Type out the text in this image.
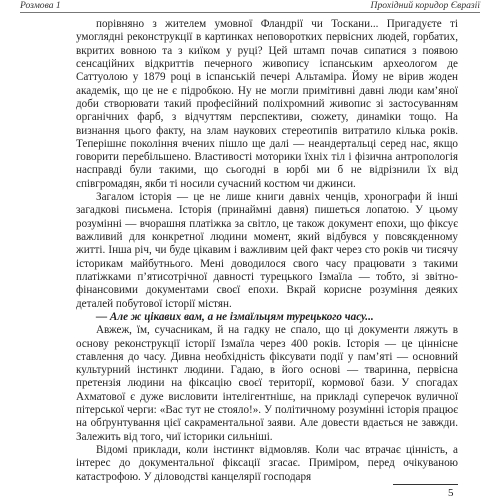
Розмова 1	Прохідний коридор Євразії

порівняно з жителем умовної Фландрії чи Тоскани... Пригадуєте ті умоглядні реконструкції в картинках неповоротких первісних людей, горбатих, вкритих вовною та з киїком у руці? Цей штамп почав сипатися з появою сенсаційних відкриттів печерного живопису іспанським археологом де Саттуолою у 1879 році в іспанській печері Альтаміра. Йому не вірив жоден академік, що це не є підробкою. Ну не могли примітивні давні люди кам’яної доби створювати такий професійний поліхромний живопис зі застосуванням органічних фарб, з відчуттям перспективи, сюжету, динаміки тощо. На визнання цього факту, на злам наукових стереотипів витратило кілька років. Теперішнє покоління вчених пішло ще далі — неандертальці серед нас, якщо говорити перебільшено. Властивості моторики їхніх тіл і фізична антропологія насправді були такими, що сьогодні в юрбі ми б не відрізнили їх від співгромадян, якби ті носили сучасний костюм чи джинси.

Загалом історія — це не лише книги давніх ченців, хронографи й інші загадкові письмена. Історія (принаймні давня) пишеться лопатою. У цьому розумінні — вчорашня платіжка за світло, це також документ епохи, що фіксує важливий для конкретної людини момент, який відбувся у повсякденному житті. Інша річ, чи буде цікавим і важливим цей факт через сто років чи тисячу історикам майбутнього. Мені доводилося свого часу працювати з такими платіжками п’ятисотрічної давності турецького Ізмаїла — тобто, зі звітно-фінансовими документами своєї епохи. Вкрай корисне розуміння деяких деталей побутової історії містян.

— Але ж цікавих вам, а не ізмаїльцям турецького часу...

Авжеж, їм, сучасникам, й на гадку не спало, що ці документи ляжуть в основу реконструкції історії Ізмаїла через 400 років. Історія — це ціннісне ставлення до часу. Дивна необхідність фіксувати події у пам’яті — основний культурний інстинкт людини. Гадаю, в його основі — тваринна, первісна претензія людини на фіксацію своєї території, кормової бази. У спогадах Ахматової є дуже висловити інтелігентнішє, на прикладі суперечок вуличної пітерської черги: «Вас тут не стояло!». У політичному розумінні історія працює на обґрунтування цієї сакраментальної заяви. Але довести вдається не завжди. Залежить від того, чиї історики сильніші.

Відомі приклади, коли інстинкт відмовляв. Коли час втрачає цінність, а інтерес до документальної фіксації згасає. Приміром, перед очікуваною катастрофою. У діловодстві канцелярії господаря

5
